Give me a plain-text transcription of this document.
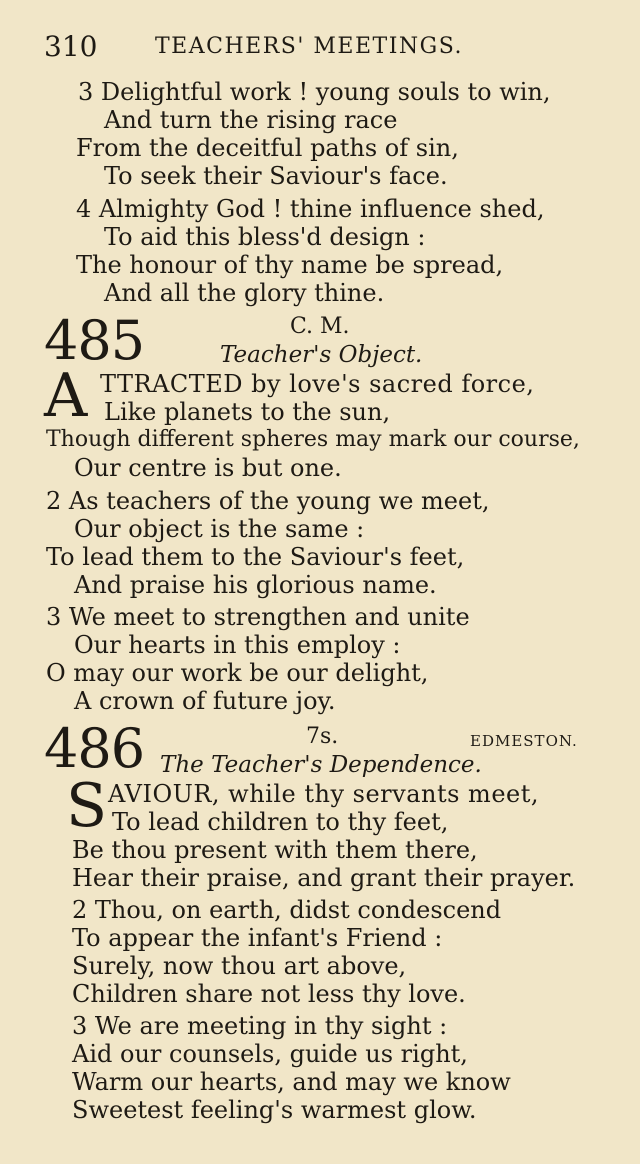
310	TEACHERS' MEETINGS.
3 Delightful work ! young souls to win,
And turn the rising race
From the deceitful paths of sin,
To seek their Saviour's face.
4 Almighty God ! thine influence shed,
To aid this bless'd design :
The honour of thy name be spread,
And all the glory thine.
485	C. M.
Teacher's Object.
A TTRACTED by love's sacred force,
Like planets to the sun,
Though different spheres may mark our course,
Our centre is but one.
2 As teachers of the young we meet,
Our object is the same :
To lead them to the Saviour's feet,
And praise his glorious name.
3 We meet to strengthen and unite
Our hearts in this employ :
O may our work be our delight,
A crown of future joy.
486	7s.	EDMESTON.
The Teacher's Dependence.
S AVIOUR, while thy servants meet,
To lead children to thy feet,
Be thou present with them there,
Hear their praise, and grant their prayer.
2 Thou, on earth, didst condescend
To appear the infant's Friend :
Surely, now thou art above,
Children share not less thy love.
3 We are meeting in thy sight :
Aid our counsels, guide us right,
Warm our hearts, and may we know
Sweetest feeling's warmest glow.
